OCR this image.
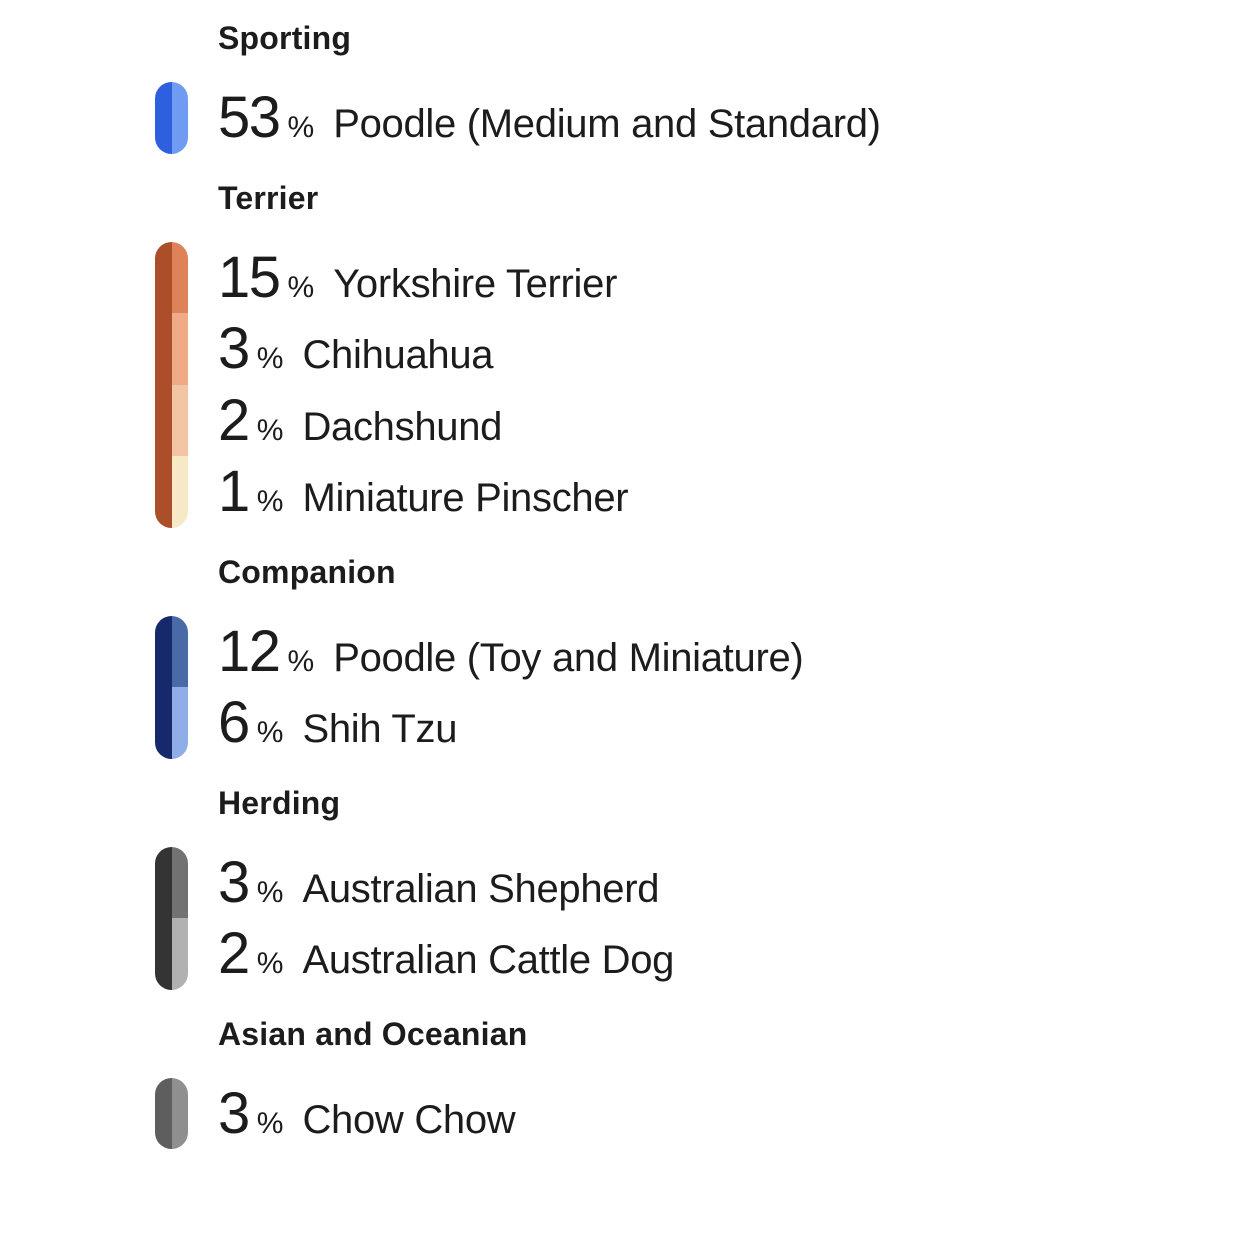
Sporting
53 % Poodle (Medium and Standard)
Terrier
15 % Yorkshire Terrier
3 % Chihuahua
2 % Dachshund
1 % Miniature Pinscher
Companion
12 % Poodle (Toy and Miniature)
6 % Shih Tzu
Herding
3 % Australian Shepherd
2 % Australian Cattle Dog
Asian and Oceanian
3 % Chow Chow
